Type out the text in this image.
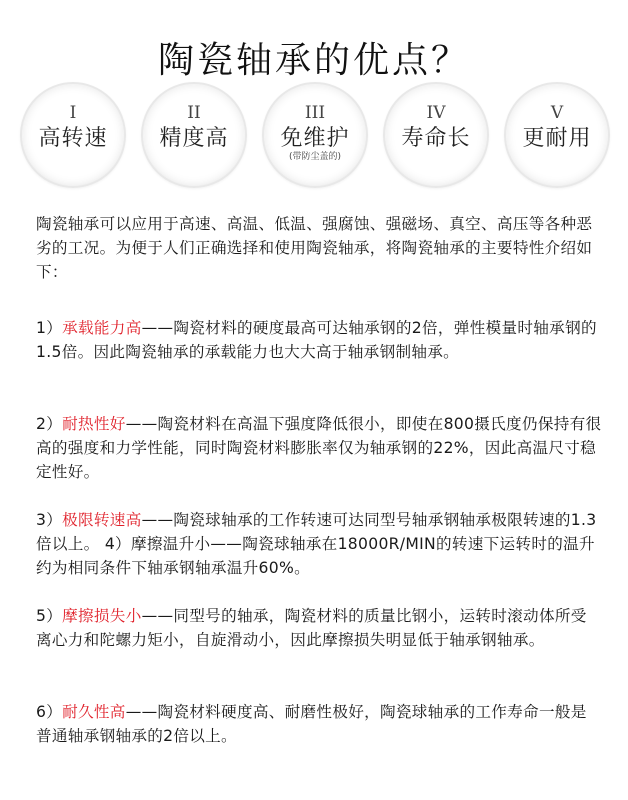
陶瓷轴承的优点？
I
高转速
II
精度高
III
免维护
(带防尘盖的)
IV
寿命长
V
更耐用

陶瓷轴承可以应用于高速、高温、低温、强腐蚀、强磁场、真空、高压等各种恶劣的工况。为便于人们正确选择和使用陶瓷轴承，将陶瓷轴承的主要特性介绍如下：

1）承载能力高——陶瓷材料的硬度最高可达轴承钢的2倍，弹性模量时轴承钢的1.5倍。因此陶瓷轴承的承载能力也大大高于轴承钢制轴承。

2）耐热性好——陶瓷材料在高温下强度降低很小，即使在800摄氏度仍保持有很高的强度和力学性能，同时陶瓷材料膨胀率仅为轴承钢的22%，因此高温尺寸稳定性好。

3）极限转速高——陶瓷球轴承的工作转速可达同型号轴承钢轴承极限转速的1.3倍以上。 4）摩擦温升小——陶瓷球轴承在18000R/MIN的转速下运转时的温升约为相同条件下轴承钢轴承温升60%。

5）摩擦损失小——同型号的轴承，陶瓷材料的质量比钢小，运转时滚动体所受离心力和陀螺力矩小，自旋滑动小，因此摩擦损失明显低于轴承钢轴承。

6）耐久性高——陶瓷材料硬度高、耐磨性极好，陶瓷球轴承的工作寿命一般是普通轴承钢轴承的2倍以上。
